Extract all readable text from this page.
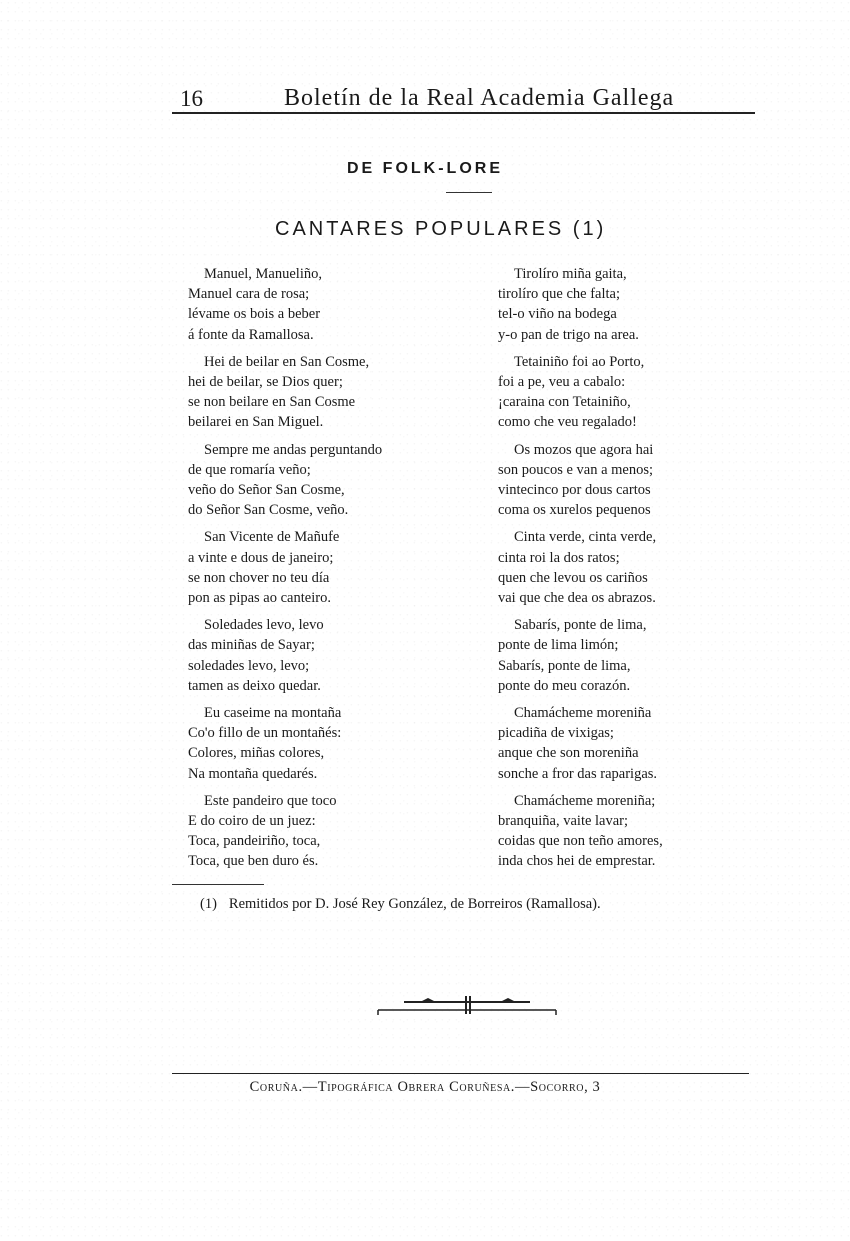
16	Boletín de la Real Academia Gallega
DE FOLK-LORE
CANTARES POPULARES (1)
Manuel, Manueliño,
Manuel cara de rosa;
lévame os bois a beber
á fonte da Ramallosa.
Hei de beilar en San Cosme,
hei de beilar, se Dios quer;
se non beilare en San Cosme
beilarei en San Miguel.
Sempre me andas perguntando
de que romaría veño;
veño do Señor San Cosme,
do Señor San Cosme, veño.
San Vicente de Mañufe
a vinte e dous de janeiro;
se non chover no teu día
pon as pipas ao canteiro.
Soledades levo, levo
das miniñas de Sayar;
soledades levo, levo;
tamen as deixo quedar.
Eu caseime na montaña
Co'o fillo de un montañés:
Colores, miñas colores,
Na montaña quedarés.
Este pandeiro que toco
E do coiro de un juez:
Toca, pandeiriño, toca,
Toca, que ben duro és.
Tirolíro miña gaita,
tirolíro que che falta;
tel-o viño na bodega
y-o pan de trigo na area.
Tetainiño foi ao Porto,
foi a pe, veu a cabalo:
¡caraina con Tetainiño,
como che veu regalado!
Os mozos que agora hai
son poucos e van a menos;
vintecinco por dous cartos
coma os xurelos pequenos
Cinta verde, cinta verde,
cinta roi la dos ratos;
quen che levou os cariños
vai que che dea os abrazos.
Sabarís, ponte de lima,
ponte de lima limón;
Sabarís, ponte de lima,
ponte do meu corazón.
Chamácheme moreniña
picadiña de vixigas;
anque che son moreniña
sonche a fror das raparigas.
Chamácheme moreniña;
branquiña, vaite lavar;
coidas que non teño amores,
inda chos hei de emprestar.
(1) Remitidos por D. José Rey González, de Borreiros (Ramallosa).
Coruña.—Tipográfica Obrera Coruñesa.—Socorro, 3
